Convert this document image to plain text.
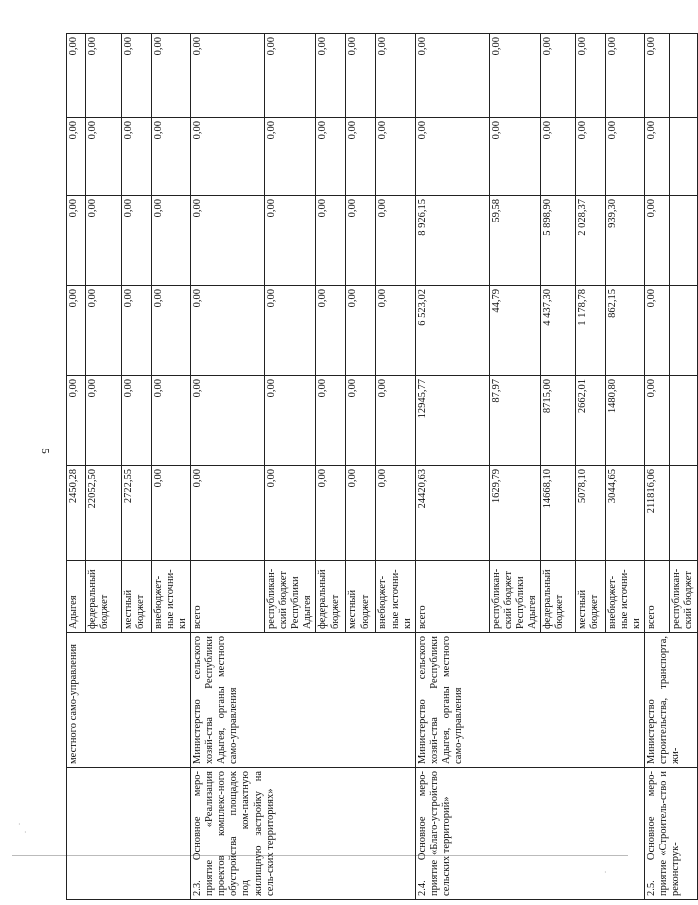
5
·
·
·
	местного само-управления	Адыгея	2450,28	0,00	0,00	0,00	0,00	0,00
		федеральный бюджет	22052,50	0,00	0,00	0,00	0,00	0,00
		местный бюджет	2722,55	0,00	0,00	0,00	0,00	0,00
		внебюджет-ные источни-ки	0,00	0,00	0,00	0,00	0,00	0,00
2.3. Основное меро-приятие «Реализация проектов комплекс-ного обустройства площадок под ком-пактную жилищную застройку на сель-ских территориях»	Министерство сельского хозяй-ства Республики Адыгея, органы местного само-управления	всего	0,00	0,00	0,00	0,00	0,00	0,00
		республикан-ский бюджет Республики Адыгея	0,00	0,00	0,00	0,00	0,00	0,00
		федеральный бюджет	0,00	0,00	0,00	0,00	0,00	0,00
		местный бюджет	0,00	0,00	0,00	0,00	0,00	0,00
		внебюджет-ные источни-ки	0,00	0,00	0,00	0,00	0,00	0,00
2.4. Основное меро-приятие «Благо-устройство сельских территорий»	Министерство сельского хозяй-ства Республики Адыгея, органы местного само-управления	всего	24420,63	12945,77	6 523,02	8 926,15	0,00	0,00
		республикан-ский бюджет Республики Адыгея	1629,79	87,97	44,79	59,58	0,00	0,00
		федеральный бюджет	14668,10	8715,00	4 437,30	5 898,90	0,00	0,00
		местный бюджет	5078,10	2662,01	1 178,78	2 028,37	0,00	0,00
		внебюджет-ные источни-ки	3044,65	1480,80	862,15	939,30	0,00	0,00
2.5. Основное меро-приятие «Строитель-ство и реконструк-	Министерство строительства, транспорта, жи-	всего	211816,06	0,00	0,00	0,00	0,00	0,00
		республикан-ский бюджет						
